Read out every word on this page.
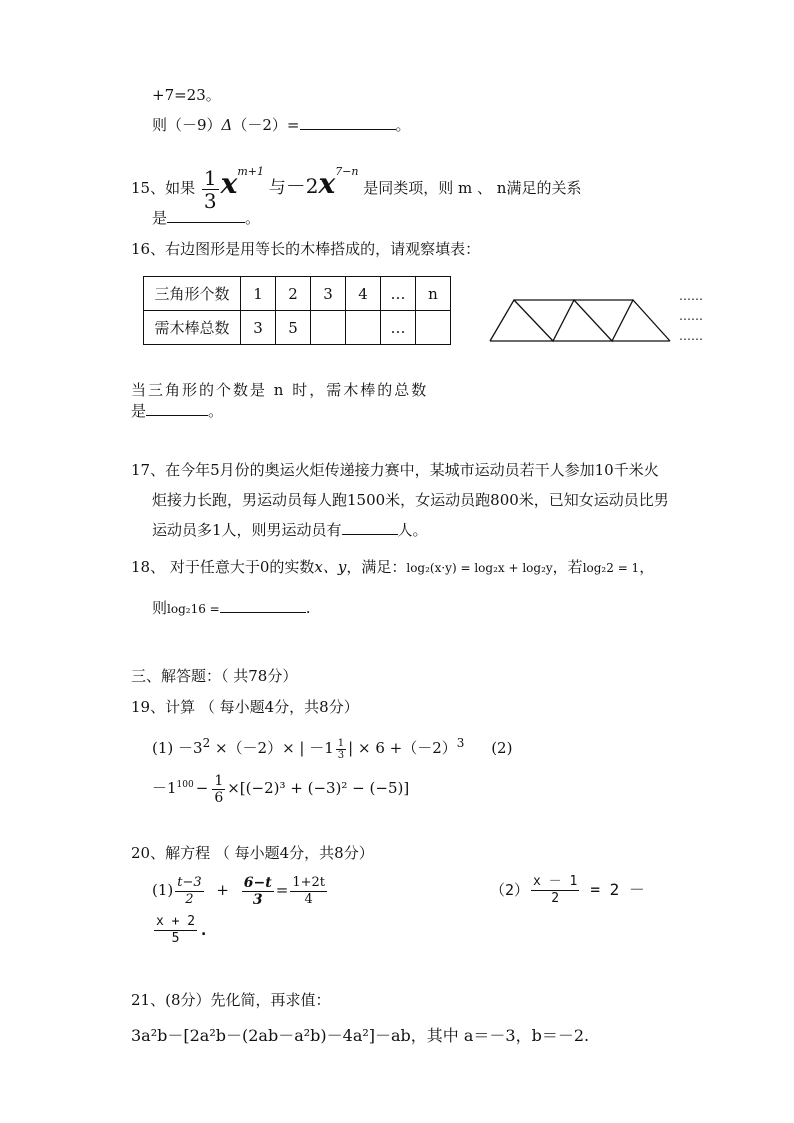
+7=23。
则（－9）Δ（－2）=	。
15、如果 $\frac{1}{3} x^{m+1}$ 与$-2x^{7-n}$ 是同类项，则 m 、 n满足的关系
是	。
16、右边图形是用等长的木棒搭成的，请观察填表：
三角形个数	1	2	3	4	…	n
需木棒总数	3	5			…	
……
……
……
当三角形的个数是 n 时，需木棒的总数
是	。
17、在今年5月份的奥运火炬传递接力赛中，某城市运动员若干人参加10千米火
炬接力长跑，男运动员每人跑1500米，女运动员跑800米，已知女运动员比男
运动员多1人，则男运动员有	人。
18、 对于任意大于0的实数x、y，满足：log₂(x·y) = log₂x + log₂y，若log₂2 = 1，
则log₂16 =	.
三、解答题：（ 共78分）
19、计算 （ 每小题4分，共8分）
$(1) -3^2 \times(-2)\times$ | $-1 \frac{1}{3}$ | × $6 +(-2)^3$ (2)
$-1^{100} - \frac{1}{6} \times[(-2)^3 + (-3)^2 - (-5)]$
20、解方程 （ 每小题4分，共8分）
$(1) \frac{t-3}{2} + \frac{6-t}{3} = \frac{1+2t}{4}$	$(2) \frac{x - 1}{2} = 2$ －
$\frac{x + 2}{5}$ .
21、(8分）先化简，再求值：
3a²b－[2a²b－(2ab－a²b)－4a²]－ab，其中 a＝－3，b＝－2.
